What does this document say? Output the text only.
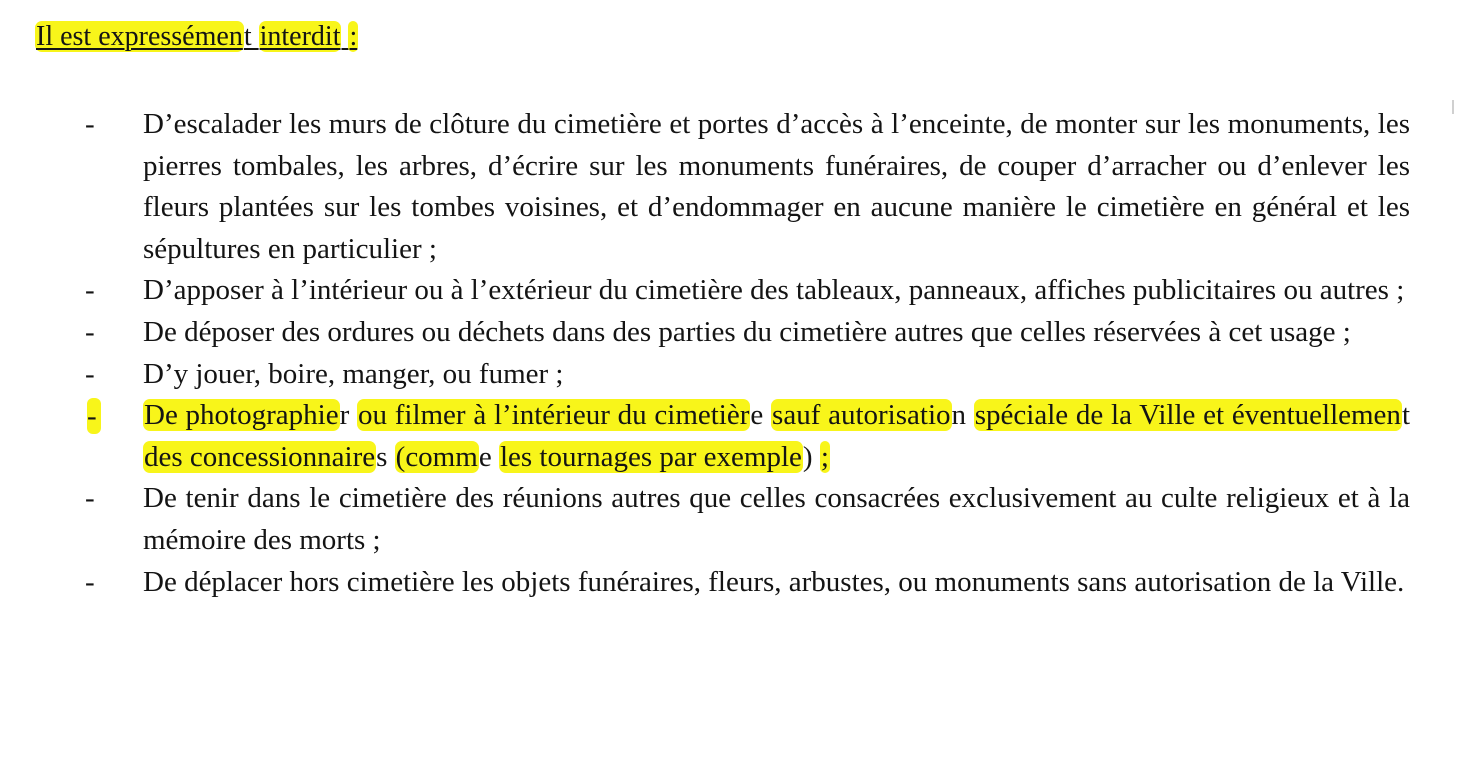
Il est expressément interdit :
-	D’escalader les murs de clôture du cimetière et portes d’accès à l’enceinte, de monter sur les monuments, les pierres tombales, les arbres, d’écrire sur les monuments funéraires, de couper d’arracher ou d’enlever les fleurs plantées sur les tombes voisines, et d’endommager en aucune manière le cimetière en général et les sépultures en particulier ;
-	D’apposer à l’intérieur ou à l’extérieur du cimetière des tableaux, panneaux, affiches publicitaires ou autres ;
-	De déposer des ordures ou déchets dans des parties du cimetière autres que celles réservées à cet usage ;
-	D’y jouer, boire, manger, ou fumer ;
- De photographier ou filmer à l’intérieur du cimetière sauf autorisation spéciale de la Ville et éventuellement des concessionnaires (comme les tournages par exemple) ;
-	De tenir dans le cimetière des réunions autres que celles consacrées exclusivement au culte religieux et à la mémoire des morts ;
-	De déplacer hors cimetière les objets funéraires, fleurs, arbustes, ou monuments sans autorisation de la Ville.
